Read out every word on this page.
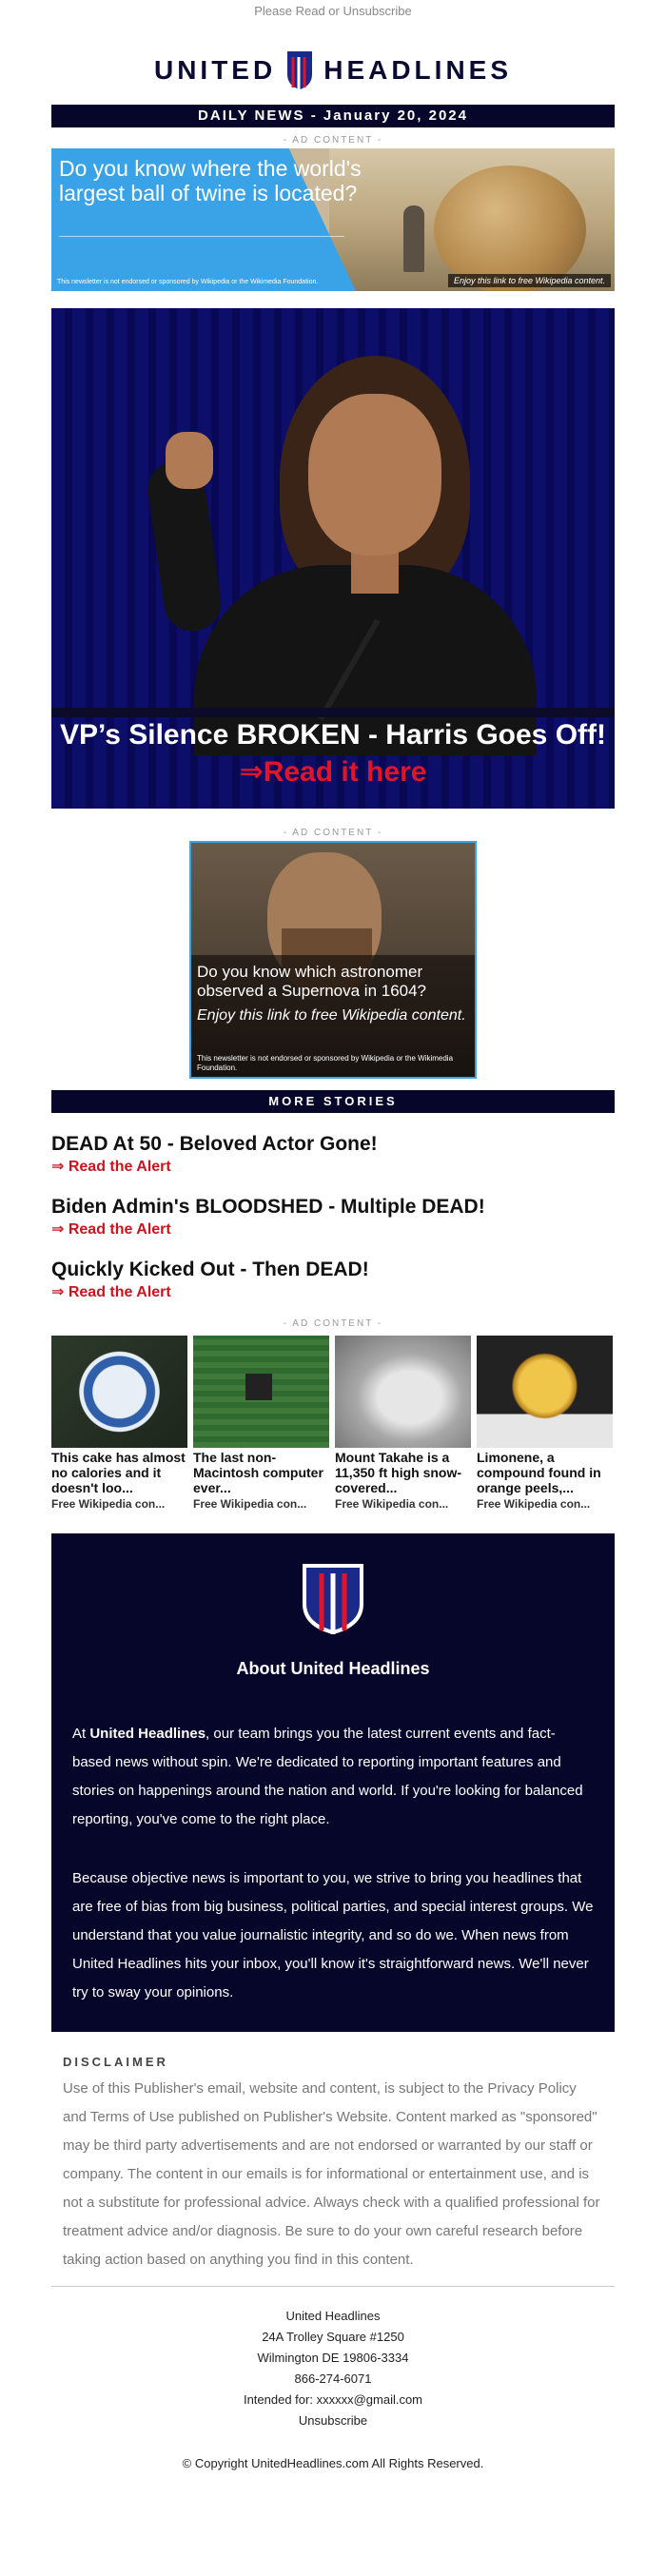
Please Read or Unsubscribe
UNITED HEADLINES
DAILY NEWS - January 20, 2024
- AD CONTENT -
Do you know where the world's largest ball of twine is located?
This newsletter is not endorsed or sponsored by Wikipedia or the Wikimedia Foundation.	Enjoy this link to free Wikipedia content.
VP’s Silence BROKEN - Harris Goes Off!
⇒Read it here
- AD CONTENT -
Do you know which astronomer observed a Supernova in 1604?
Enjoy this link to free Wikipedia content.
This newsletter is not endorsed or sponsored by Wikipedia or the Wikimedia Foundation.
MORE STORIES
DEAD At 50 - Beloved Actor Gone!
⇒ Read the Alert
Biden Admin's BLOODSHED - Multiple DEAD!
⇒ Read the Alert
Quickly Kicked Out - Then DEAD!
⇒ Read the Alert
- AD CONTENT -
This cake has almost no calories and it doesn't loo...
Free Wikipedia con...
The last non-Macintosh computer ever...
Free Wikipedia con...
Mount Takahe is a 11,350 ft high snow-covered...
Free Wikipedia con...
Limonene, a compound found in orange peels,...
Free Wikipedia con...
About United Headlines
At United Headlines, our team brings you the latest current events and fact-based news without spin. We're dedicated to reporting important features and stories on happenings around the nation and world. If you're looking for balanced reporting, you've come to the right place.
Because objective news is important to you, we strive to bring you headlines that are free of bias from big business, political parties, and special interest groups. We understand that you value journalistic integrity, and so do we. When news from United Headlines hits your inbox, you'll know it's straightforward news. We'll never try to sway your opinions.
DISCLAIMER

Use of this Publisher's email, website and content, is subject to the Privacy Policy and Terms of Use published on Publisher's Website. Content marked as "sponsored" may be third party advertisements and are not endorsed or warranted by our staff or company. The content in our emails is for informational or entertainment use, and is not a substitute for professional advice. Always check with a qualified professional for treatment advice and/or diagnosis. Be sure to do your own careful research before taking action based on anything you find in this content.

United Headlines
24A Trolley Square #1250
Wilmington DE 19806-3334
866-274-6071
Intended for: xxxxxx@gmail.com
Unsubscribe
© Copyright UnitedHeadlines.com All Rights Reserved.
